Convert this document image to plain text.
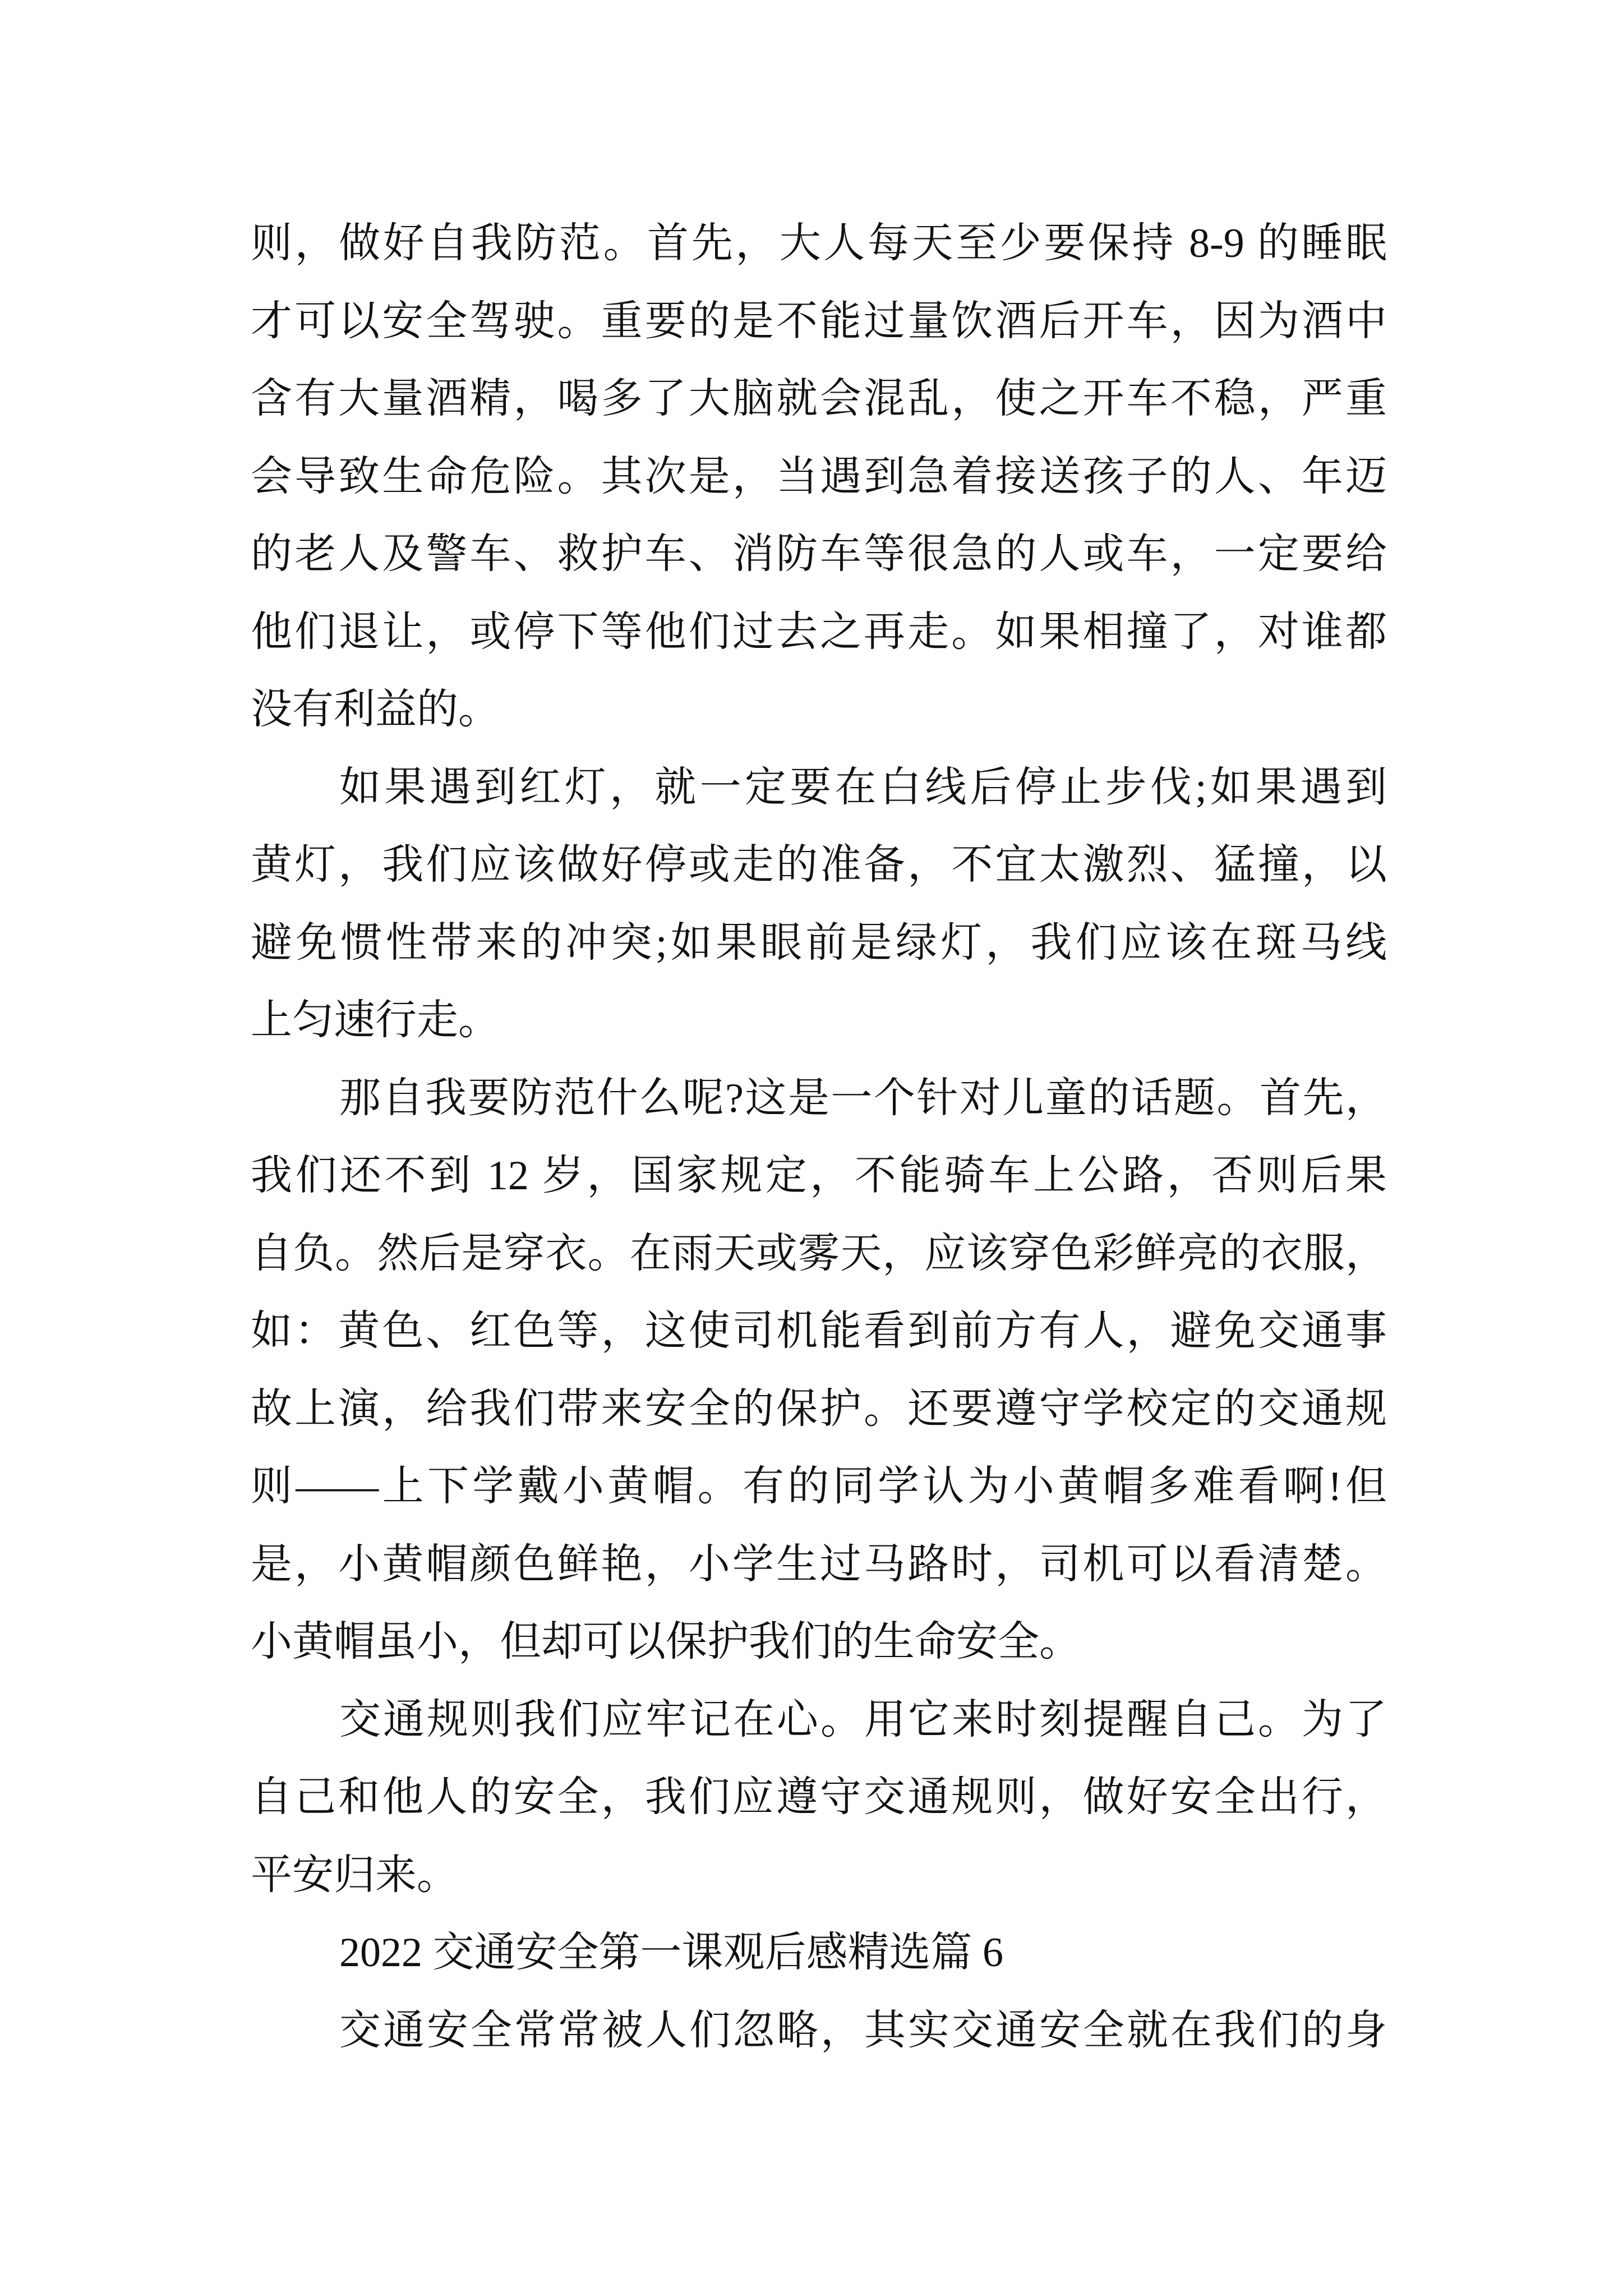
则，做好自我防范。首先，大人每天至少要保持 8-9 的睡眠
才可以安全驾驶。重要的是不能过量饮酒后开车，因为酒中
含有大量酒精，喝多了大脑就会混乱，使之开车不稳，严重
会导致生命危险。其次是，当遇到急着接送孩子的人、年迈
的老人及警车、救护车、消防车等很急的人或车，一定要给
他们退让，或停下等他们过去之再走。如果相撞了，对谁都
没有利益的。

如果遇到红灯，就一定要在白线后停止步伐;如果遇到
黄灯，我们应该做好停或走的准备，不宜太激烈、猛撞，以
避免惯性带来的冲突;如果眼前是绿灯，我们应该在斑马线
上匀速行走。

那自我要防范什么呢?这是一个针对儿童的话题。首先，
我们还不到 12 岁，国家规定，不能骑车上公路，否则后果
自负。然后是穿衣。在雨天或雾天，应该穿色彩鲜亮的衣服，
如：黄色、红色等，这使司机能看到前方有人，避免交通事
故上演，给我们带来安全的保护。还要遵守学校定的交通规
则——上下学戴小黄帽。有的同学认为小黄帽多难看啊!但
是，小黄帽颜色鲜艳，小学生过马路时，司机可以看清楚。
小黄帽虽小，但却可以保护我们的生命安全。

交通规则我们应牢记在心。用它来时刻提醒自己。为了
自己和他人的安全，我们应遵守交通规则，做好安全出行，
平安归来。

2022 交通安全第一课观后感精选篇 6

交通安全常常被人们忽略，其实交通安全就在我们的身
